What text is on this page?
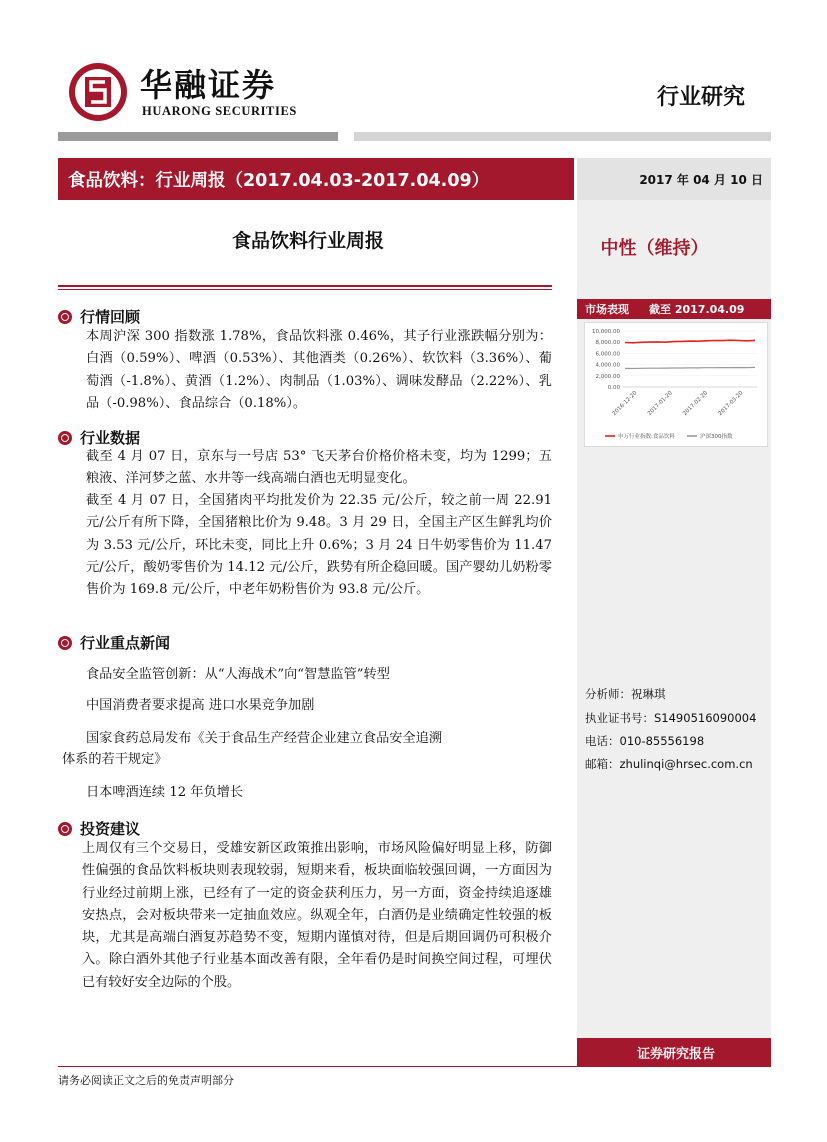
华融证券
HUARONG SECURITIES
行业研究
食品饮料：行业周报（2017.04.03-2017.04.09）	2017 年 04 月 10 日
中性（维持）
市场表现 截至 2017.04.09
10,000.00
8,000.00
6,000.00
4,000.00
2,000.00
0.00
2016-12-20 2017-01-20 2017-02-20 2017-03-20
申万行业指数:食品饮料	沪深300指数
分析师：祝琳琪
执业证书号：S1490516090004
电话：010-85556198
邮箱：zhulinqi@hrsec.com.cn
食品饮料行业周报
行情回顾
本周沪深 300 指数涨 1.78%，食品饮料涨 0.46%，其子行业涨跌幅分别为：白酒（0.59%）、啤酒（0.53%）、其他酒类（0.26%）、软饮料（3.36%）、葡萄酒（-1.8%）、黄酒（1.2%）、肉制品（1.03%）、调味发酵品（2.22%）、乳品（-0.98%）、食品综合（0.18%）。
行业数据
截至 4 月 07 日，京东与一号店 53° 飞天茅台价格价格未变，均为 1299；五粮液、洋河梦之蓝、水井等一线高端白酒也无明显变化。
截至 4 月 07 日，全国猪肉平均批发价为 22.35 元/公斤，较之前一周 22.91 元/公斤有所下降，全国猪粮比价为 9.48。3 月 29 日，全国主产区生鲜乳均价为 3.53 元/公斤，环比未变，同比上升 0.6%；3 月 24 日牛奶零售价为 11.47 元/公斤，酸奶零售价为 14.12 元/公斤，跌势有所企稳回暖。国产婴幼儿奶粉零售价为 169.8 元/公斤，中老年奶粉售价为 93.8 元/公斤。
行业重点新闻
食品安全监管创新：从“人海战术”向“智慧监管”转型
中国消费者要求提高 进口水果竞争加剧
国家食药总局发布《关于食品生产经营企业建立食品安全追溯
体系的若干规定》
日本啤酒连续 12 年负增长
投资建议
上周仅有三个交易日，受雄安新区政策推出影响，市场风险偏好明显上移，防御性偏强的食品饮料板块则表现较弱，短期来看，板块面临较强回调，一方面因为行业经过前期上涨，已经有了一定的资金获利压力，另一方面，资金持续追逐雄安热点，会对板块带来一定抽血效应。纵观全年，白酒仍是业绩确定性较强的板块，尤其是高端白酒复苏趋势不变，短期内谨慎对待，但是后期回调仍可积极介入。除白酒外其他子行业基本面改善有限，全年看仍是时间换空间过程，可埋伏已有较好安全边际的个股。
证券研究报告
请务必阅读正文之后的免责声明部分
